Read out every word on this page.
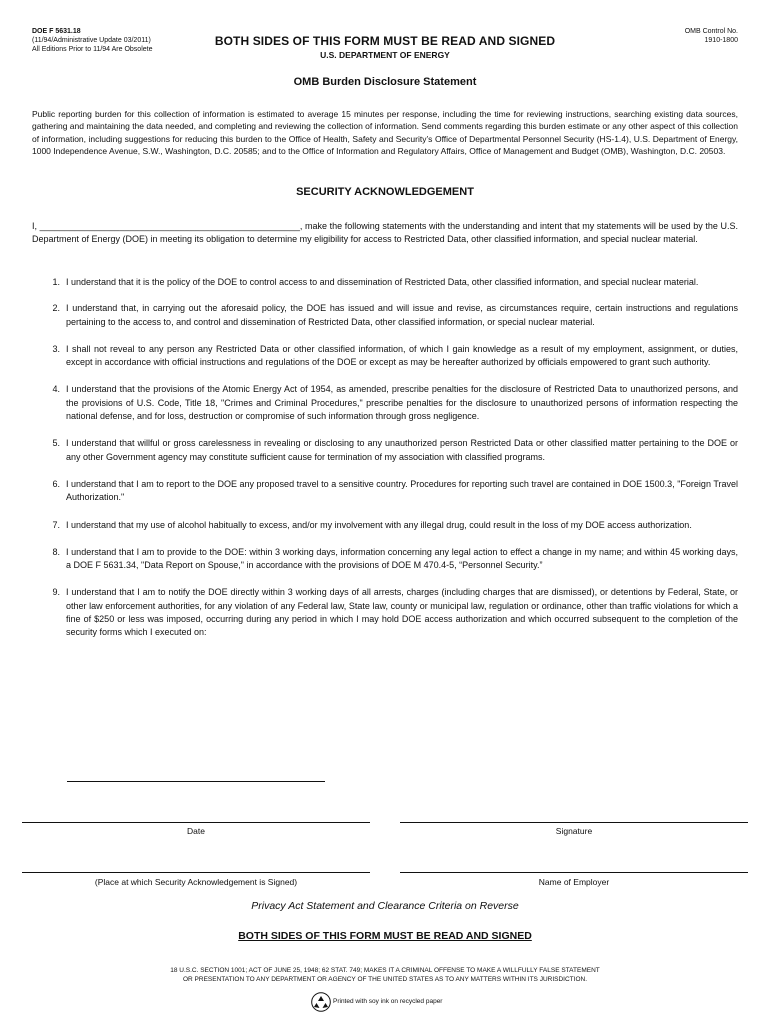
DOE F 5631.18
(11/94/Administrative Update 03/2011)
All Editions Prior to 11/94 Are Obsolete
OMB Control No.
1910-1800
BOTH SIDES OF THIS FORM MUST BE READ AND SIGNED
U.S. DEPARTMENT OF ENERGY
OMB Burden Disclosure Statement
Public reporting burden for this collection of information is estimated to average 15 minutes per response, including the time for reviewing instructions, searching existing data sources, gathering and maintaining the data needed, and completing and reviewing the collection of information. Send comments regarding this burden estimate or any other aspect of this collection of information, including suggestions for reducing this burden to the Office of Health, Safety and Security’s Office of Departmental Personnel Security (HS-1.4), U.S. Department of Energy, 1000 Independence Avenue, S.W., Washington, D.C. 20585; and to the Office of Information and Regulatory Affairs, Office of Management and Budget (OMB), Washington, D.C. 20503.
SECURITY ACKNOWLEDGEMENT
I, ____________________________________________________, make the following statements with the understanding and intent that my statements will be used by the U.S. Department of Energy (DOE) in meeting its obligation to determine my eligibility for access to Restricted Data, other classified information, and special nuclear material.
1. I understand that it is the policy of the DOE to control access to and dissemination of Restricted Data, other classified information, and special nuclear material.
2. I understand that, in carrying out the aforesaid policy, the DOE has issued and will issue and revise, as circumstances require, certain instructions and regulations pertaining to the access to, and control and dissemination of Restricted Data, other classified information, or special nuclear material.
3. I shall not reveal to any person any Restricted Data or other classified information, of which I gain knowledge as a result of my employment, assignment, or duties, except in accordance with official instructions and regulations of the DOE or except as may be hereafter authorized by officials empowered to grant such authority.
4. I understand that the provisions of the Atomic Energy Act of 1954, as amended, prescribe penalties for the disclosure of Restricted Data to unauthorized persons, and the provisions of U.S. Code, Title 18, "Crimes and Criminal Procedures," prescribe penalties for the disclosure to unauthorized persons of information respecting the national defense, and for loss, destruction or compromise of such information through gross negligence.
5. I understand that willful or gross carelessness in revealing or disclosing to any unauthorized person Restricted Data or other classified matter pertaining to the DOE or any other Government agency may constitute sufficient cause for termination of my association with classified programs.
6. I understand that I am to report to the DOE any proposed travel to a sensitive country. Procedures for reporting such travel are contained in DOE 1500.3, "Foreign Travel Authorization."
7. I understand that my use of alcohol habitually to excess, and/or my involvement with any illegal drug, could result in the loss of my DOE access authorization.
8. I understand that I am to provide to the DOE: within 3 working days, information concerning any legal action to effect a change in my name; and within 45 working days, a DOE F 5631.34, "Data Report on Spouse," in accordance with the provisions of DOE M 470.4-5, “Personnel Security.”
9. I understand that I am to notify the DOE directly within 3 working days of all arrests, charges (including charges that are dismissed), or detentions by Federal, State, or other law enforcement authorities, for any violation of any Federal law, State law, county or municipal law, regulation or ordinance, other than traffic violations for which a fine of $250 or less was imposed, occurring during any period in which I may hold DOE access authorization and which occurred subsequent to the completion of the security forms which I executed on:
Date	Signature
(Place at which Security Acknowledgement is Signed)	Name of Employer
Privacy Act Statement and Clearance Criteria on Reverse
BOTH SIDES OF THIS FORM MUST BE READ AND SIGNED
18 U.S.C. SECTION 1001; ACT OF JUNE 25, 1948; 62 STAT. 749; MAKES IT A CRIMINAL OFFENSE TO MAKE A WILLFULLY FALSE STATEMENT
OR PRESENTATION TO ANY DEPARTMENT OR AGENCY OF THE UNITED STATES AS TO ANY MATTERS WITHIN ITS JURISDICTION.
Printed with soy ink on recycled paper
